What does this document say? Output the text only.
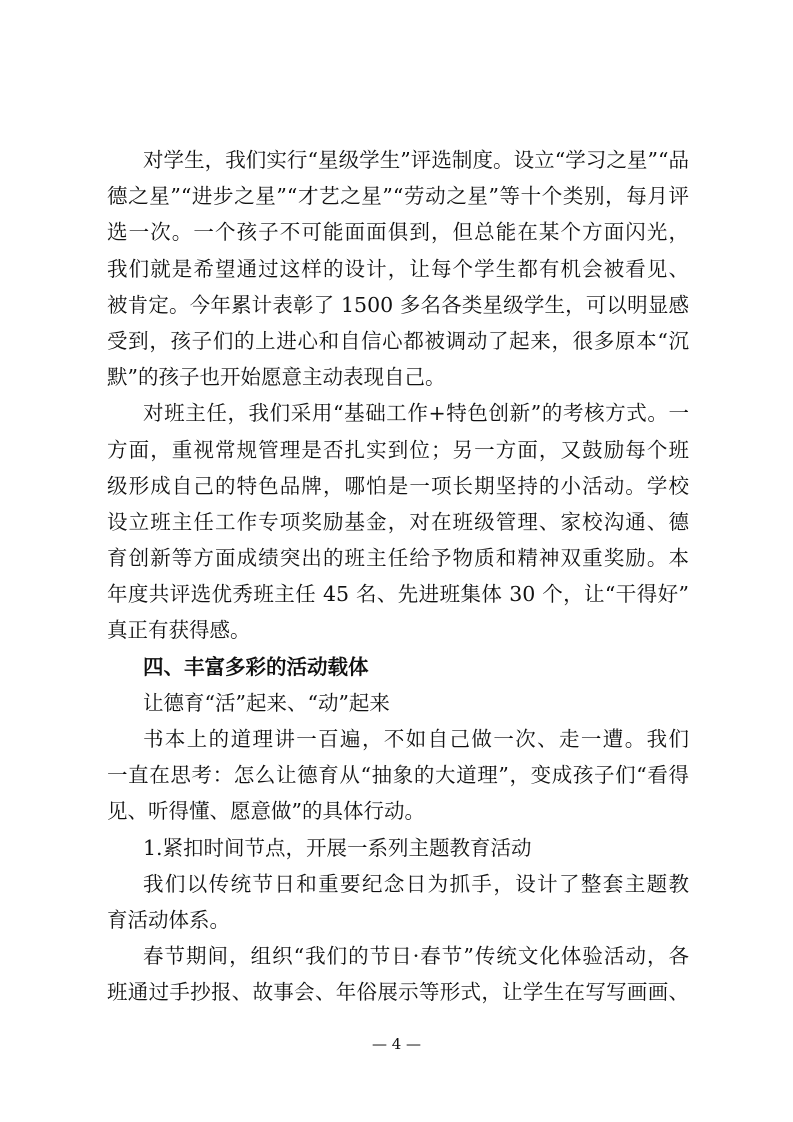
对学生，我们实行“星级学生”评选制度。设立“学习之星”“品
德之星”“进步之星”“才艺之星”“劳动之星”等十个类别，每月评
选一次。一个孩子不可能面面俱到，但总能在某个方面闪光，
我们就是希望通过这样的设计，让每个学生都有机会被看见、
被肯定。今年累计表彰了 1500 多名各类星级学生，可以明显感
受到，孩子们的上进心和自信心都被调动了起来，很多原本“沉
默”的孩子也开始愿意主动表现自己。
对班主任，我们采用“基础工作+特色创新”的考核方式。一
方面，重视常规管理是否扎实到位；另一方面，又鼓励每个班
级形成自己的特色品牌，哪怕是一项长期坚持的小活动。学校
设立班主任工作专项奖励基金，对在班级管理、家校沟通、德
育创新等方面成绩突出的班主任给予物质和精神双重奖励。本
年度共评选优秀班主任 45 名、先进班集体 30 个，让“干得好”
真正有获得感。
四、丰富多彩的活动载体
让德育“活”起来、“动”起来
书本上的道理讲一百遍，不如自己做一次、走一遭。我们
一直在思考：怎么让德育从“抽象的大道理”，变成孩子们“看得
见、听得懂、愿意做”的具体行动。
1.紧扣时间节点，开展一系列主题教育活动
我们以传统节日和重要纪念日为抓手，设计了整套主题教
育活动体系。
春节期间，组织“我们的节日·春节”传统文化体验活动，各
班通过手抄报、故事会、年俗展示等形式，让学生在写写画画、
— 4 —
